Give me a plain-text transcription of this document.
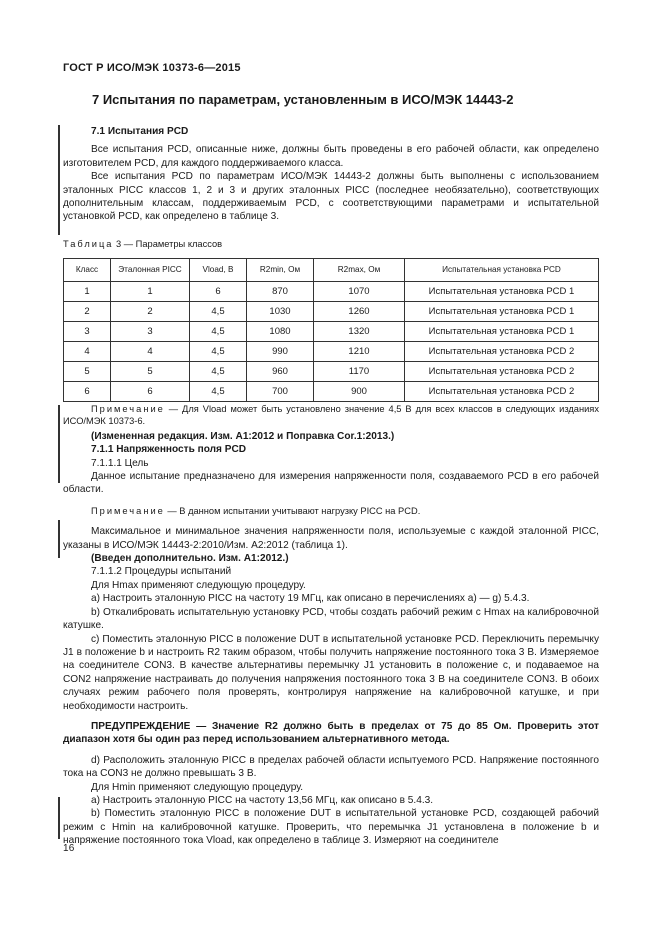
ГОСТ Р ИСО/МЭК 10373-6—2015
7 Испытания по параметрам, установленным в ИСО/МЭК 14443-2

7.1 Испытания PCD

Все испытания PCD, описанные ниже, должны быть проведены в его рабочей области, как определено изготовителем PCD, для каждого поддерживаемого класса.

Все испытания PCD по параметрам ИСО/МЭК 14443-2 должны быть выполнены с использованием эталонных PICC классов 1, 2 и 3 и других эталонных PICC (последнее необязательно), соответствующих дополнительным классам, поддерживаемым PCD, с соответствующими параметрами и испытательной установкой PCD, как определено в таблице 3.

Таблица 3 — Параметры классов
Класс	Эталонная PICC	Vload, В	R2min, Ом	R2max, Ом	Испытательная установка PCD
1	1	6	870	1070	Испытательная установка PCD 1
2	2	4,5	1030	1260	Испытательная установка PCD 1
3	3	4,5	1080	1320	Испытательная установка PCD 1
4	4	4,5	990	1210	Испытательная установка PCD 2
5	5	4,5	960	1170	Испытательная установка PCD 2
6	6	4,5	700	900	Испытательная установка PCD 2

Примечание — Для Vload может быть установлено значение 4,5 В для всех классов в следующих изданиях ИСО/МЭК 10373-6.

(Измененная редакция. Изм. А1:2012 и Поправка Cor.1:2013.)

7.1.1 Напряженность поля PCD

7.1.1.1 Цель

Данное испытание предназначено для измерения напряженности поля, создаваемого PCD в его рабочей области.

Примечание — В данном испытании учитывают нагрузку PICC на PCD.

Максимальное и минимальное значения напряженности поля, используемые с каждой эталонной PICC, указаны в ИСО/МЭК 14443-2:2010/Изм. А2:2012 (таблица 1).

(Введен дополнительно. Изм. А1:2012.)

7.1.1.2 Процедуры испытаний

Для Hmax применяют следующую процедуру.

a) Настроить эталонную PICC на частоту 19 МГц, как описано в перечислениях a) — g) 5.4.3.

b) Откалибровать испытательную установку PCD, чтобы создать рабочий режим с Hmax на калибровочной катушке.

c) Поместить эталонную PICC в положение DUT в испытательной установке PCD. Переключить перемычку J1 в положение b и настроить R2 таким образом, чтобы получить напряжение постоянного тока 3 В. Измеряемое на соединителе CON3. В качестве альтернативы перемычку J1 установить в положение c, и подаваемое на CON2 напряжение настраивать до получения напряжения постоянного тока 3 В на соединителе CON3. В обоих случаях режим рабочего поля проверять, контролируя напряжение на калибровочной катушке, и при необходимости настроить.

ПРЕДУПРЕЖДЕНИЕ — Значение R2 должно быть в пределах от 75 до 85 Ом. Проверить этот диапазон хотя бы один раз перед использованием альтернативного метода.

d) Расположить эталонную PICC в пределах рабочей области испытуемого PCD. Напряжение постоянного тока на CON3 не должно превышать 3 В.

Для Hmin применяют следующую процедуру.

a) Настроить эталонную PICC на частоту 13,56 МГц, как описано в 5.4.3.

b) Поместить эталонную PICC в положение DUT в испытательной установке PCD, создающей рабочий режим с Hmin на калибровочной катушке. Проверить, что перемычка J1 установлена в положение b и напряжение постоянного тока Vload, как определено в таблице 3. Измеряют на соединителе

16
